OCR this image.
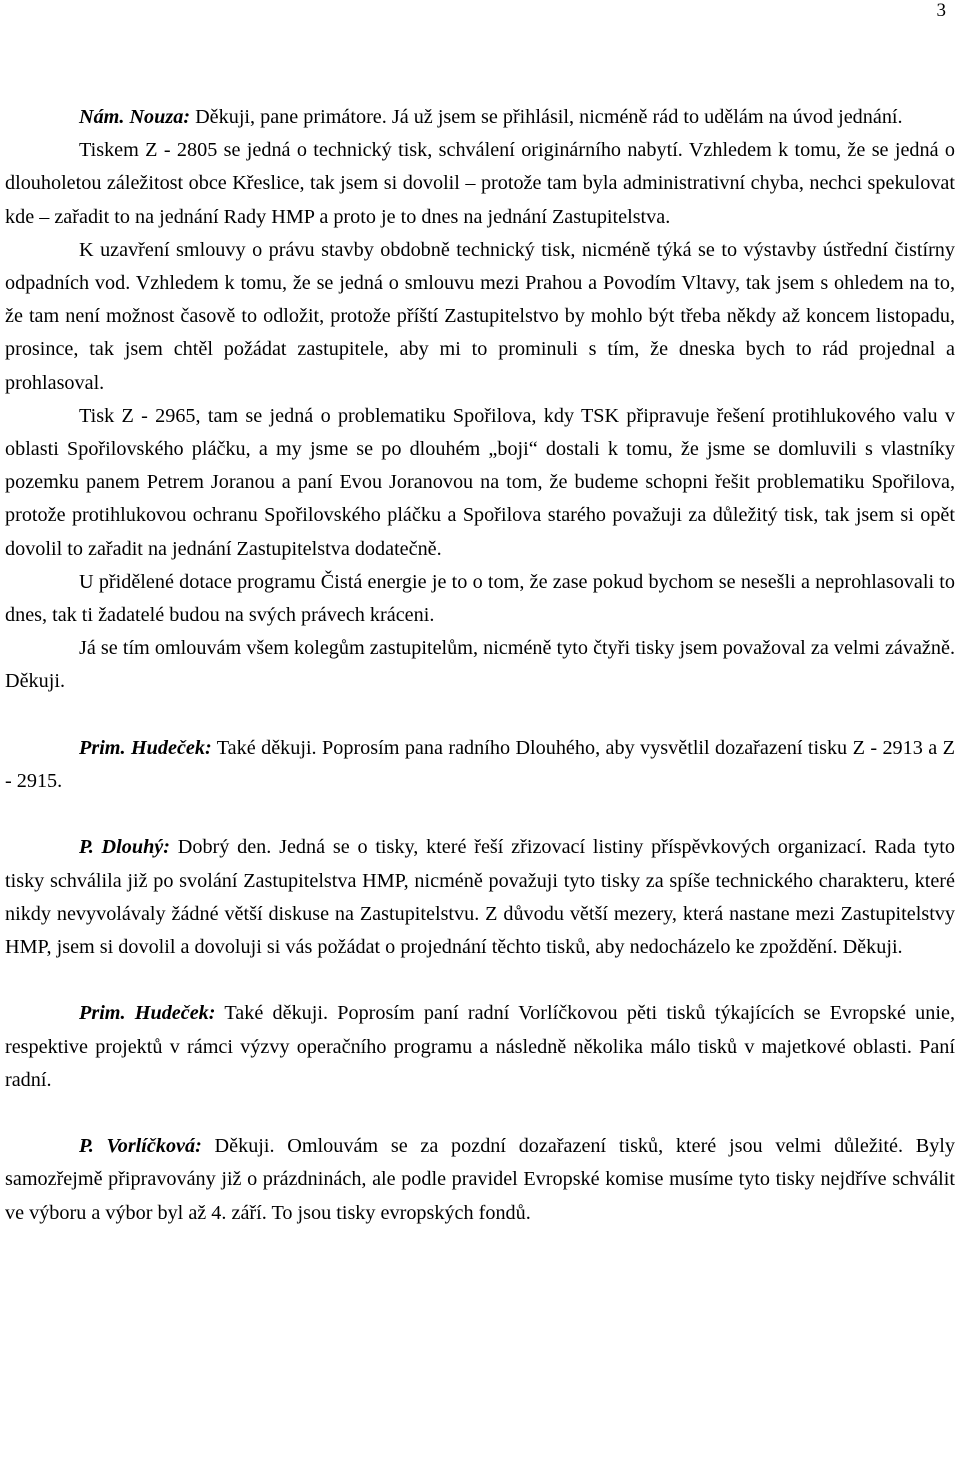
3

Nám. Nouza: Děkuji, pane primátore. Já už jsem se přihlásil, nicméně rád to udělám na úvod jednání.

Tiskem Z - 2805 se jedná o technický tisk, schválení originárního nabytí. Vzhledem k tomu, že se jedná o dlouholetou záležitost obce Křeslice, tak jsem si dovolil – protože tam byla administrativní chyba, nechci spekulovat kde – zařadit to na jednání Rady HMP a proto je to dnes na jednání Zastupitelstva.

K uzavření smlouvy o právu stavby obdobně technický tisk, nicméně týká se to výstavby ústřední čistírny odpadních vod. Vzhledem k tomu, že se jedná o smlouvu mezi Prahou a Povodím Vltavy, tak jsem s ohledem na to, že tam není možnost časově to odložit, protože příští Zastupitelstvo by mohlo být třeba někdy až koncem listopadu, prosince, tak jsem chtěl požádat zastupitele, aby mi to prominuli s tím, že dneska bych to rád projednal a prohlasoval.

Tisk Z - 2965, tam se jedná o problematiku Spořilova, kdy TSK připravuje řešení protihlukového valu v oblasti Spořilovského pláčku, a my jsme se po dlouhém „boji“ dostali k tomu, že jsme se domluvili s vlastníky pozemku panem Petrem Joranou a paní Evou Joranovou na tom, že budeme schopni řešit problematiku Spořilova, protože protihlukovou ochranu Spořilovského pláčku a Spořilova starého považuji za důležitý tisk, tak jsem si opět dovolil to zařadit na jednání Zastupitelstva dodatečně.

U přidělené dotace programu Čistá energie je to o tom, že zase pokud bychom se nesešli a neprohlasovali to dnes, tak ti žadatelé budou na svých právech kráceni.

Já se tím omlouvám všem kolegům zastupitelům, nicméně tyto čtyři tisky jsem považoval za velmi závažně. Děkuji.

Prim. Hudeček: Také děkuji. Poprosím pana radního Dlouhého, aby vysvětlil dozařazení tisku Z - 2913 a Z - 2915.

P. Dlouhý: Dobrý den. Jedná se o tisky, které řeší zřizovací listiny příspěvkových organizací. Rada tyto tisky schválila již po svolání Zastupitelstva HMP, nicméně považuji tyto tisky za spíše technického charakteru, které nikdy nevyvolávaly žádné větší diskuse na Zastupitelstvu. Z důvodu větší mezery, která nastane mezi Zastupitelstvy HMP, jsem si dovolil a dovoluji si vás požádat o projednání těchto tisků, aby nedocházelo ke zpoždění. Děkuji.

Prim. Hudeček: Také děkuji. Poprosím paní radní Vorlíčkovou pěti tisků týkajících se Evropské unie, respektive projektů v rámci výzvy operačního programu a následně několika málo tisků v majetkové oblasti. Paní radní.

P. Vorlíčková: Děkuji. Omlouvám se za pozdní dozařazení tisků, které jsou velmi důležité. Byly samozřejmě připravovány již o prázdninách, ale podle pravidel Evropské komise musíme tyto tisky nejdříve schválit ve výboru a výbor byl až 4. září. To jsou tisky evropských fondů.
